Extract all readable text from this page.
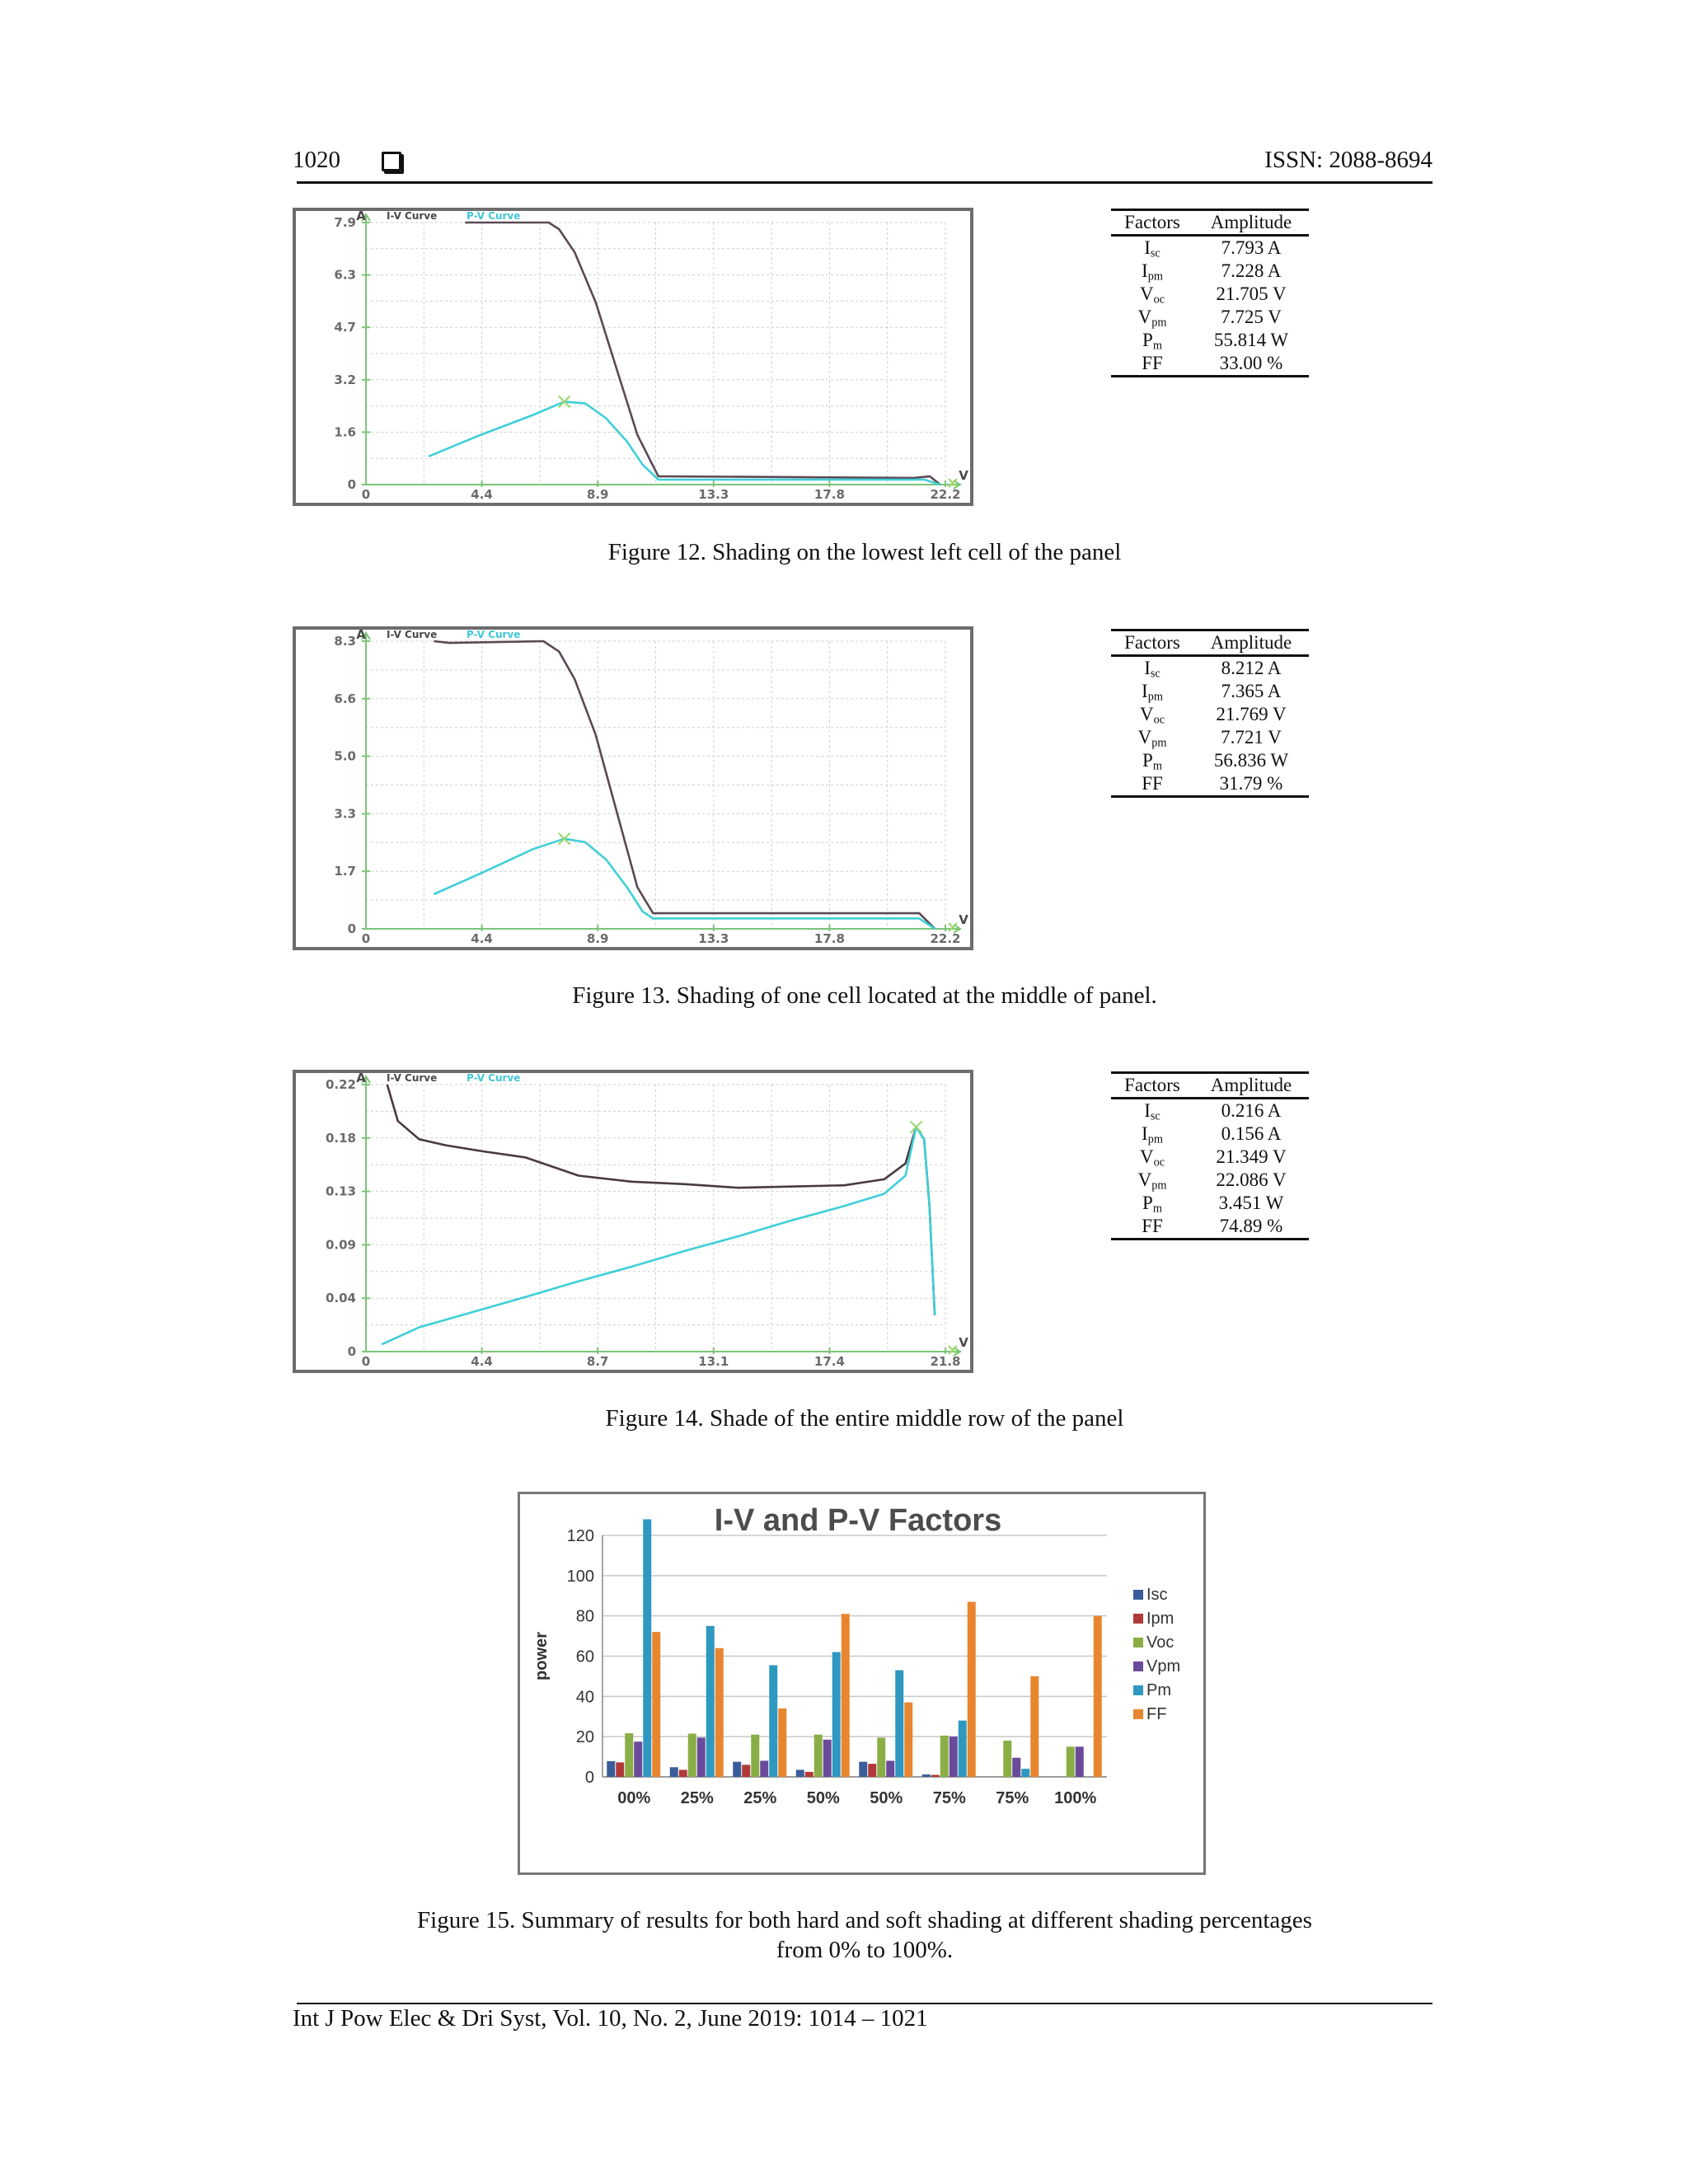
1020	ISSN: 2088-8694
7.9
6.3
4.7
3.2
1.6
0
0	4.4	8.9	13.3	17.8	22.2
A
V
I-V Curve	P-V Curve	Factors	Amplitude
$I_{sc}$	7.793 A
$I_{pm}$	7.228 A
$V_{oc}$	21.705 V
$V_{pm}$	7.725 V
$P_m$	55.814 W
FF	33.00 %
Figure 12. Shading on the lowest left cell of the panel
8.3
6.6
5.0
3.3
1.7
0
0	4.4	8.9	13.3	17.8	22.2
A
V
I-V Curve	P-V Curve	Factors	Amplitude
$I_{sc}$	8.212 A
$I_{pm}$	7.365 A
$V_{oc}$	21.769 V
$V_{pm}$	7.721 V
$P_m$	56.836 W
FF	31.79 %
Figure 13. Shading of one cell located at the middle of panel.
0.22
0.18
0.13
0.09
0.04
0
0	4.4	8.7	13.1	17.4	21.8
A
V
I-V Curve	P-V Curve	Factors	Amplitude
$I_{sc}$	0.216 A
$I_{pm}$	0.156 A
$V_{oc}$	21.349 V
$V_{pm}$	22.086 V
$P_m$	3.451 W
FF	74.89 %
Figure 14. Shade of the entire middle row of the panel
I-V and P-V Factors
0
20
40
60
80
100
120
power
00% 25% 25% 50% 50% 75% 75% 100%
Isc
Ipm
Voc
Vpm
Pm
FF
Figure 15. Summary of results for both hard and soft shading at different shading percentages
from 0% to 100%.
Int J Pow Elec & Dri Syst, Vol. 10, No. 2, June 2019: 1014 – 1021
